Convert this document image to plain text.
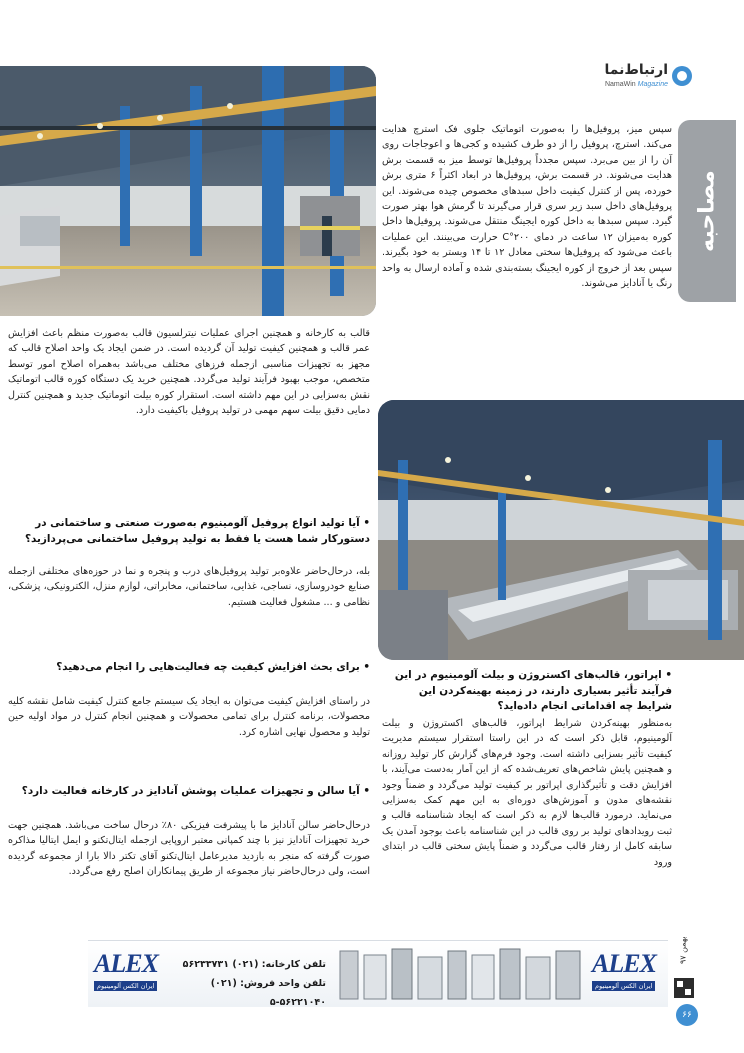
ارتباط‌نما
NamaWin Magazine
مصاحبه
سپس میز، پروفیل‌ها را به‌صورت اتوماتیک جلوی فک استرچ هدایت می‌کند. استرچ، پروفیل را از دو طرف کشیده و کجی‌ها و اعوجاجات روی آن را از بین می‌برد. سپس مجدداً پروفیل‌ها توسط میز به قسمت برش هدایت می‌شوند. در قسمت برش، پروفیل‌ها در ابعاد اکثراً ۶ متری برش خورده، پس از کنترل کیفیت داخل سبدهای مخصوص چیده می‌شوند. این پروفیل‌های داخل سبد زیر سری قرار می‌گیرند تا گرمش هوا بهتر صورت گیرد. سپس سبدها به داخل کوره ایجینگ منتقل می‌شوند. پروفیل‌ها داخل کوره به‌میزان ۱۲ ساعت در دمای ۲۰۰°C حرارت می‌بینند. این عملیات باعث می‌شود که پروفیل‌ها سختی معادل ۱۲ تا ۱۴ وبستر به خود بگیرند. سپس بعد از خروج از کوره ایجینگ بسته‌بندی شده و آماده ارسال به واحد رنگ یا آنادایز می‌شوند.
قالب به کارخانه و همچنین اجرای عملیات نیترلسیون قالب به‌صورت منظم باعث افزایش عمر قالب و همچنین کیفیت تولید آن گردیده است. در ضمن ایجاد یک واحد اصلاح قالب که مجهز به تجهیزات مناسبی ازجمله فرزهای مختلف می‌باشد به‌همراه اصلاح امور توسط متخصص، موجب بهبود فرآیند تولید می‌گردد. همچنین خرید یک دستگاه کوره قالب اتوماتیک نقش به‌سزایی در این مهم داشته است. استقرار کوره بیلت اتوماتیک جدید و همچنین کنترل دمایی دقیق بیلت سهم مهمی در تولید پروفیل باکیفیت دارد.
• آیا تولید انواع پروفیل آلومینیوم به‌صورت صنعتی و ساختمانی در دستورکار شما هست یا فقط به تولید پروفیل ساختمانی می‌پردازید؟
بله، درحال‌حاضر علاوه‌بر تولید پروفیل‌های درب و پنجره و نما در حوزه‌های مختلفی ازجمله صنایع خودروسازی، نساجی، غذایی، ساختمانی، مخابراتی، لوازم منزل، الکترونیکی، پزشکی، نظامی و ... مشغول فعالیت هستیم.
• برای بحث افزایش کیفیت چه فعالیت‌هایی را انجام می‌دهید؟
در راستای افزایش کیفیت می‌توان به ایجاد یک سیستم جامع کنترل کیفیت شامل نقشه کلیه محصولات، برنامه کنترل برای تمامی محصولات و همچنین انجام کنترل در مواد اولیه حین تولید و محصول نهایی اشاره کرد.
• آیا سالن و تجهیزات عملیات پوشش آنادایز در کارخانه فعالیت دارد؟
درحال‌حاضر سالن آنادایز ما با پیشرفت فیزیکی ۸۰٪ درحال ساخت می‌باشد. همچنین جهت خرید تجهیزات آنادایز نیز با چند کمپانی معتبر اروپایی ازجمله ایتال‌تکنو و ایمل ایتالیا مذاکره صورت گرفته که منجر به بازدید مدیرعامل ایتال‌تکنو آقای تکتر دالا بارا از مجموعه گردیده است، ولی درحال‌حاضر نیاز مجموعه از طریق پیمانکاران اصلح رفع می‌گردد.
• اپراتور، قالب‌های اکستروژن و بیلت آلومینیوم در این فرآیند تأثیر بسیاری دارند، در زمینه بهینه‌کردن این شرایط چه اقداماتی انجام داده‌اید؟
به‌منظور بهینه‌کردن شرایط اپراتور، قالب‌های اکستروژن و بیلت آلومینیوم، قابل ذکر است که در این راستا استقرار سیستم مدیریت کیفیت تأثیر بسزایی داشته است. وجود فرم‌های گزارش کار تولید روزانه و همچنین پایش شاخص‌های تعریف‌شده که از این آمار به‌دست می‌آیند، با افزایش دقت و تأثیرگذاری اپراتور بر کیفیت تولید می‌گردد و ضمناً وجود نقشه‌های مدون و آموزش‌های دوره‌ای به این مهم کمک به‌سزایی می‌نماید. درمورد قالب‌ها لازم به ذکر است که ایجاد شناسنامه قالب و ثبت رویدادهای تولید بر روی قالب در این شناسنامه باعث بوجود آمدن یک سابقه کامل از رفتار قالب می‌گردد و ضمناً پایش سختی قالب در ابتدای ورود
بهمن ۹۷
۶۶
ALEX
ایران الکس آلومینیوم
تلفن کارخانه: (۰۲۱) ۵۶۲۳۳۷۳۱
تلفن واحد فروش: (۰۲۱) ۵۶۲۲۱۰۴۰-۵
ALEX
ایران الکس آلومینیوم
